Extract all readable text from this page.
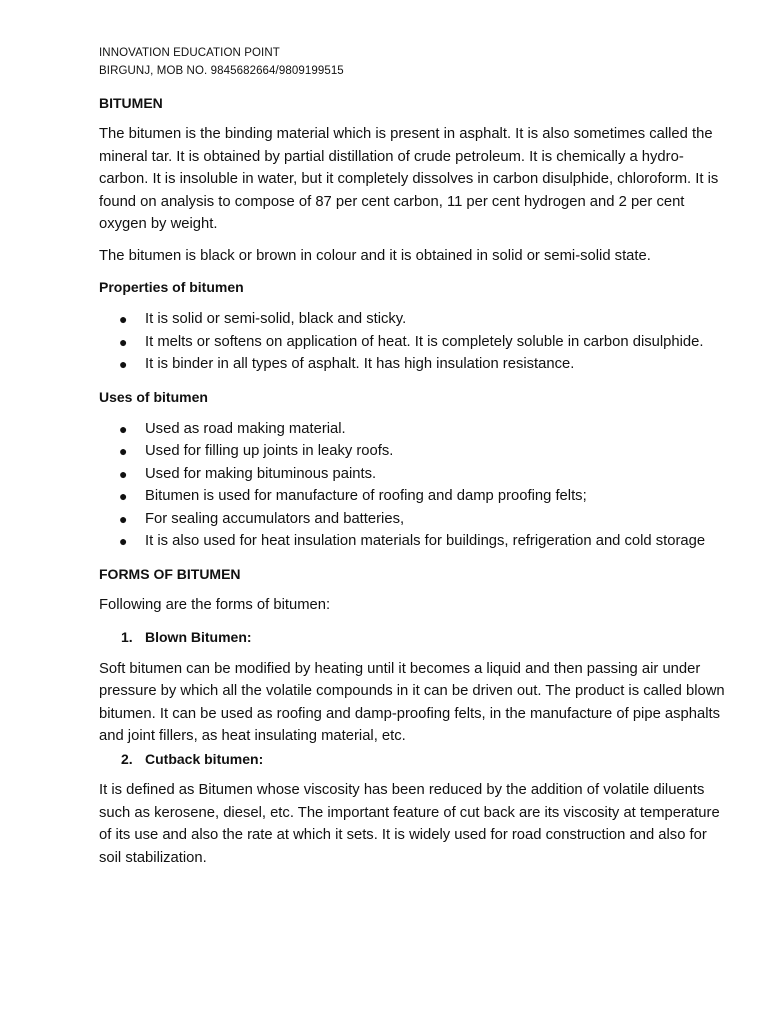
INNOVATION EDUCATION POINT
BIRGUNJ, MOB NO. 9845682664/9809199515
BITUMEN

The bitumen is the binding material which is present in asphalt. It is also sometimes called the mineral tar. It is obtained by partial distillation of crude petroleum. It is chemically a hydro-carbon. It is insoluble in water, but it completely dissolves in carbon disulphide, chloroform. It is found on analysis to compose of 87 per cent carbon, 11 per cent hydrogen and 2 per cent oxygen by weight.

The bitumen is black or brown in colour and it is obtained in solid or semi-solid state.

Properties of bitumen
●	It is solid or semi-solid, black and sticky.
●	It melts or softens on application of heat. It is completely soluble in carbon disulphide.
●	It is binder in all types of asphalt. It has high insulation resistance.
Uses of bitumen
●	Used as road making material.
●	Used for filling up joints in leaky roofs.
●	Used for making bituminous paints.
●	Bitumen is used for manufacture of roofing and damp proofing felts;
●	For sealing accumulators and batteries,
●	It is also used for heat insulation materials for buildings, refrigeration and cold storage
FORMS OF BITUMEN

Following are the forms of bitumen:

1. Blown Bitumen:

Soft bitumen can be modified by heating until it becomes a liquid and then passing air under pressure by which all the volatile compounds in it can be driven out. The product is called blown bitumen. It can be used as roofing and damp-proofing felts, in the manufacture of pipe asphalts and joint fillers, as heat insulating material, etc.

2. Cutback bitumen:

It is defined as Bitumen whose viscosity has been reduced by the addition of volatile diluents such as kerosene, diesel, etc. The important feature of cut back are its viscosity at temperature of its use and also the rate at which it sets. It is widely used for road construction and also for soil stabilization.
